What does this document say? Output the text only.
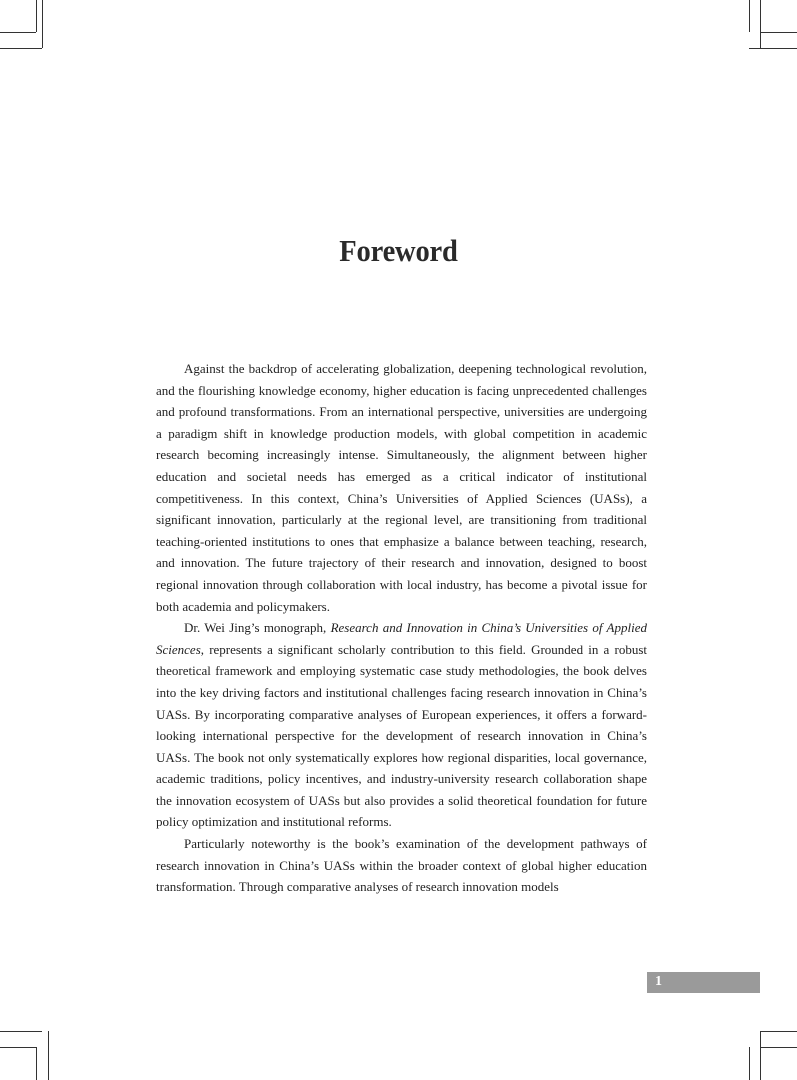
Foreword

Against the backdrop of accelerating globalization, deepening technological revolution, and the flourishing knowledge economy, higher education is facing unprecedented challenges and profound transformations. From an international perspective, universities are undergoing a paradigm shift in knowledge production models, with global competition in academic research becoming increasingly intense. Simultaneously, the alignment between higher education and societal needs has emerged as a critical indicator of institutional competitiveness. In this context, China’s Universities of Applied Sciences (UASs), a significant innovation, particularly at the regional level, are transitioning from traditional teaching-oriented institutions to ones that emphasize a balance between teaching, research, and innovation. The future trajectory of their research and innovation, designed to boost regional innovation through collaboration with local industry, has become a pivotal issue for both academia and policymakers.

Dr. Wei Jing’s monograph, Research and Innovation in China’s Universities of Applied Sciences, represents a significant scholarly contribution to this field. Grounded in a robust theoretical framework and employing systematic case study methodologies, the book delves into the key driving factors and institutional challenges facing research innovation in China’s UASs. By incorporating comparative analyses of European experiences, it offers a forward-looking international perspective for the development of research innovation in China’s UASs. The book not only systematically explores how regional disparities, local governance, academic traditions, policy incentives, and industry-university research collaboration shape the innovation ecosystem of UASs but also provides a solid theoretical foundation for future policy optimization and institutional reforms.

Particularly noteworthy is the book’s examination of the development pathways of research innovation in China’s UASs within the broader context of global higher education transformation. Through comparative analyses of research innovation models

1
